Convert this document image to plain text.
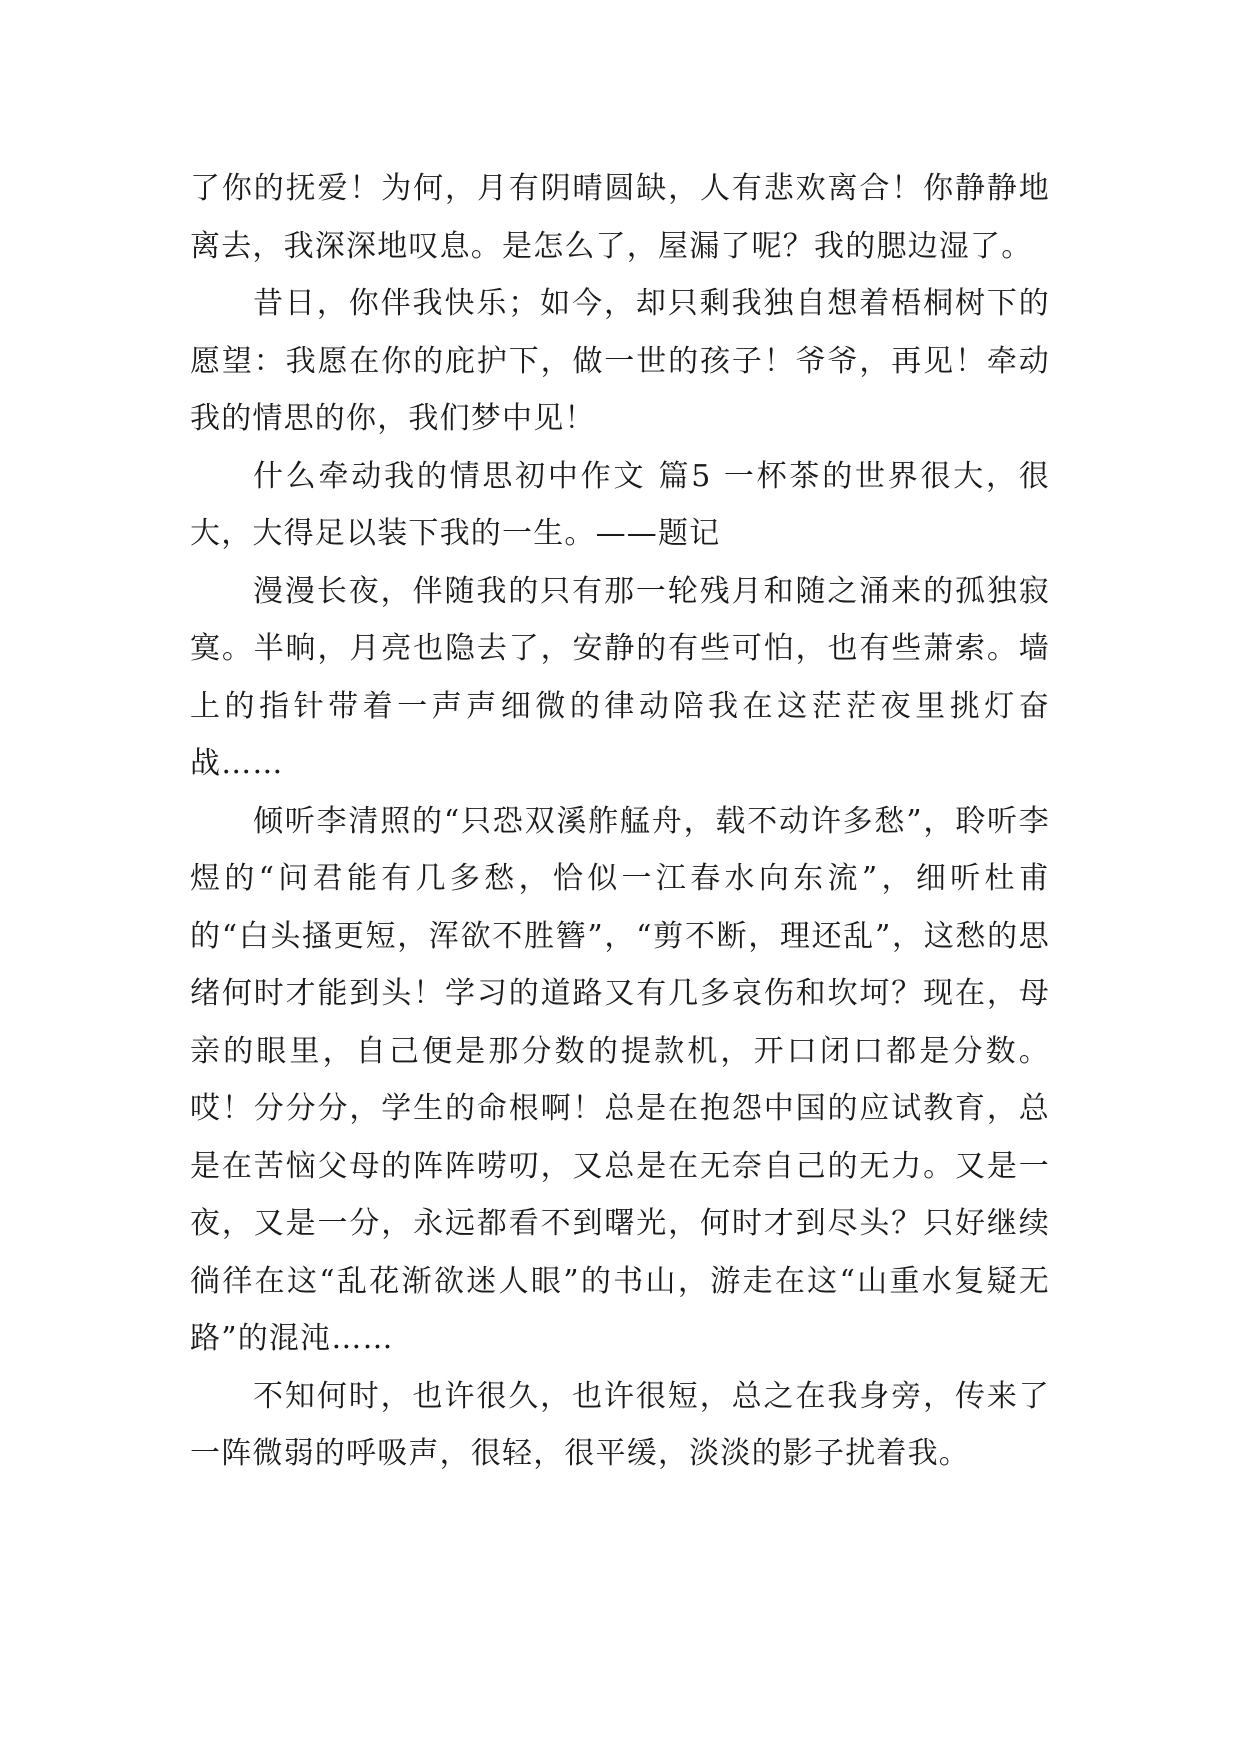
了你的抚爱！为何，月有阴晴圆缺，人有悲欢离合！你静静地离去，我深深地叹息。是怎么了，屋漏了呢？我的腮边湿了。

昔日，你伴我快乐；如今，却只剩我独自想着梧桐树下的愿望：我愿在你的庇护下，做一世的孩子！爷爷，再见！牵动我的情思的你，我们梦中见！

什么牵动我的情思初中作文 篇5 一杯茶的世界很大，很大，大得足以装下我的一生。——题记

漫漫长夜，伴随我的只有那一轮残月和随之涌来的孤独寂寞。半晌，月亮也隐去了，安静的有些可怕，也有些萧索。墙上的指针带着一声声细微的律动陪我在这茫茫夜里挑灯奋战……

倾听李清照的“只恐双溪舴艋舟，载不动许多愁”，聆听李煜的“问君能有几多愁，恰似一江春水向东流”，细听杜甫的“白头搔更短，浑欲不胜簪”，“剪不断，理还乱”，这愁的思绪何时才能到头！学习的道路又有几多哀伤和坎坷？现在，母亲的眼里，自己便是那分数的提款机，开口闭口都是分数。哎！分分分，学生的命根啊！总是在抱怨中国的应试教育，总是在苦恼父母的阵阵唠叨，又总是在无奈自己的无力。又是一夜，又是一分，永远都看不到曙光，何时才到尽头？只好继续徜徉在这“乱花渐欲迷人眼”的书山，游走在这“山重水复疑无路”的混沌……

不知何时，也许很久，也许很短，总之在我身旁，传来了一阵微弱的呼吸声，很轻，很平缓，淡淡的影子扰着我。
